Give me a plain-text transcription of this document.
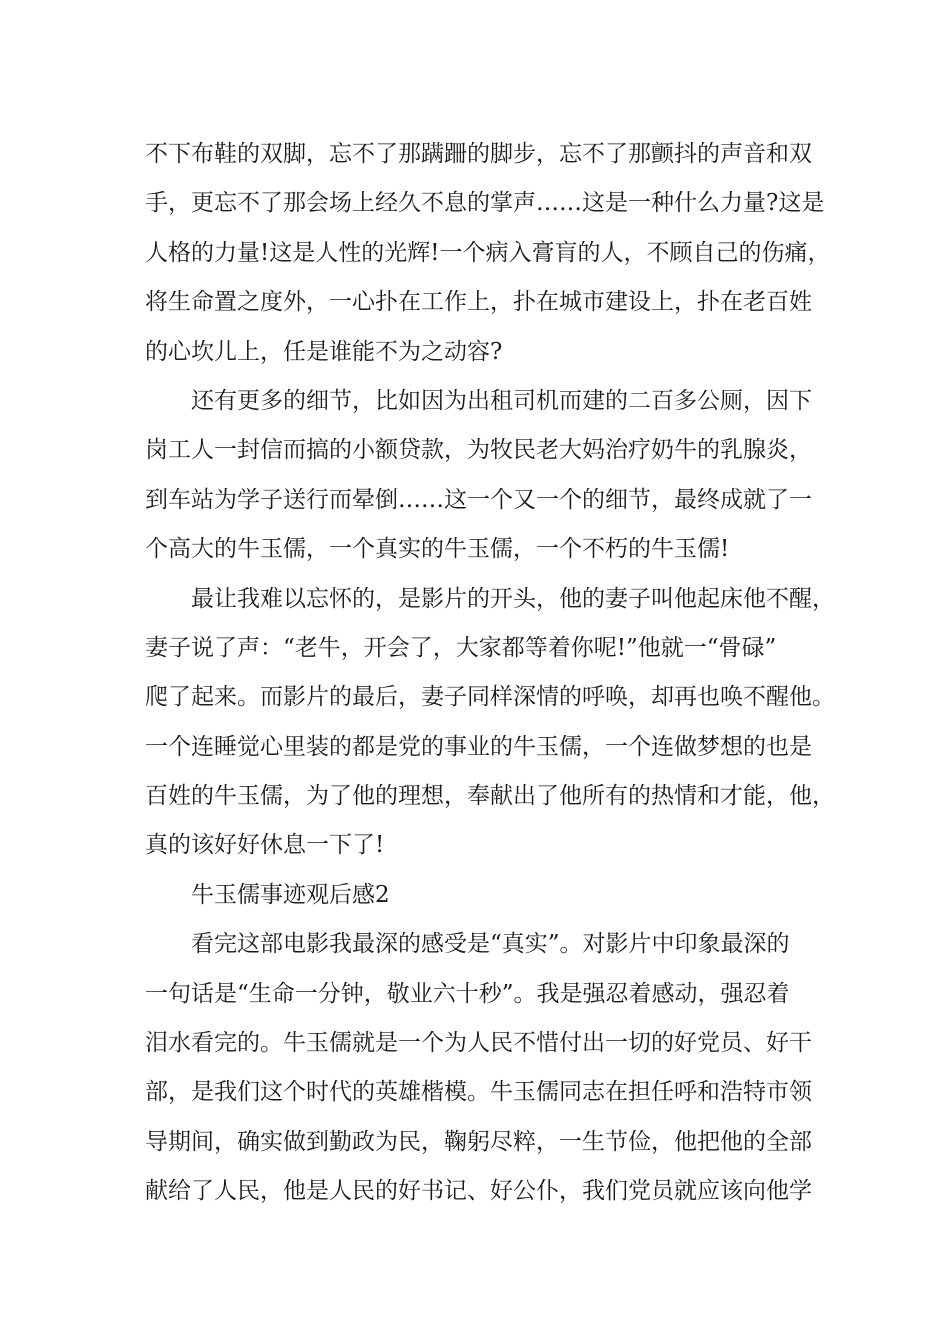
不下布鞋的双脚，忘不了那蹒跚的脚步，忘不了那颤抖的声音和双
手，更忘不了那会场上经久不息的掌声……这是一种什么力量?这是
人格的力量!这是人性的光辉!一个病入膏肓的人，不顾自己的伤痛，
将生命置之度外，一心扑在工作上，扑在城市建设上，扑在老百姓
的心坎儿上，任是谁能不为之动容?
还有更多的细节，比如因为出租司机而建的二百多公厕，因下
岗工人一封信而搞的小额贷款，为牧民老大妈治疗奶牛的乳腺炎，
到车站为学子送行而晕倒……这一个又一个的细节，最终成就了一
个高大的牛玉儒，一个真实的牛玉儒，一个不朽的牛玉儒!
最让我难以忘怀的，是影片的开头，他的妻子叫他起床他不醒，
妻子说了声：“老牛，开会了，大家都等着你呢!”他就一“骨碌”
爬了起来。而影片的最后，妻子同样深情的呼唤，却再也唤不醒他。
一个连睡觉心里装的都是党的事业的牛玉儒，一个连做梦想的也是
百姓的牛玉儒，为了他的理想，奉献出了他所有的热情和才能，他，
真的该好好休息一下了!
牛玉儒事迹观后感2
看完这部电影我最深的感受是“真实”。对影片中印象最深的
一句话是“生命一分钟，敬业六十秒”。我是强忍着感动，强忍着
泪水看完的。牛玉儒就是一个为人民不惜付出一切的好党员、好干
部，是我们这个时代的英雄楷模。牛玉儒同志在担任呼和浩特市领
导期间，确实做到勤政为民，鞠躬尽粹，一生节俭，他把他的全部
献给了人民，他是人民的好书记、好公仆，我们党员就应该向他学
